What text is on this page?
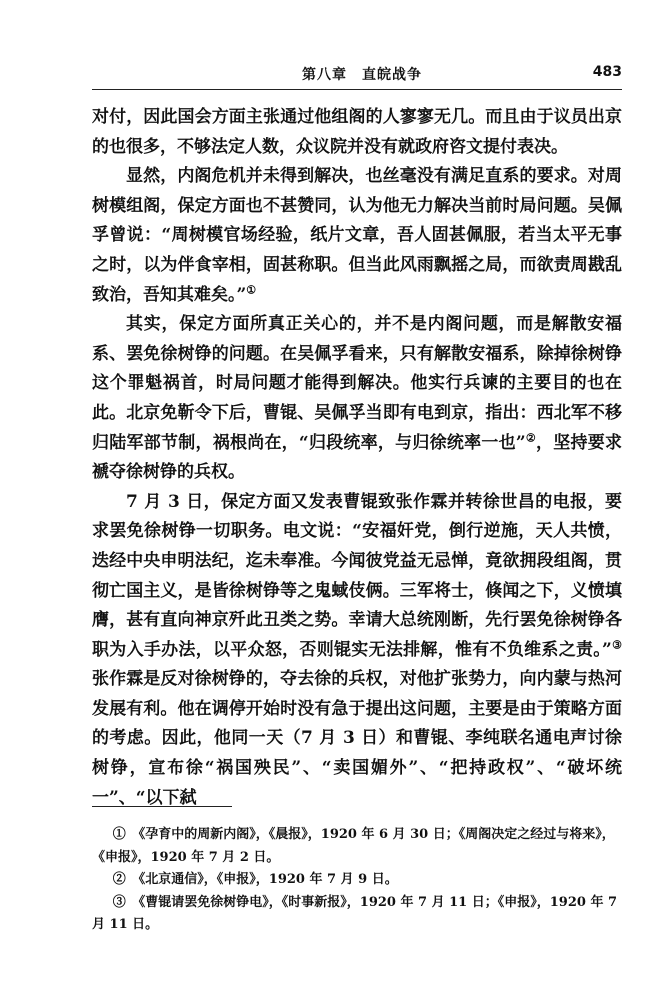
第八章　直皖战争	483

对付，因此国会方面主张通过他组阁的人寥寥无几。而且由于议员出京的也很多，不够法定人数，众议院并没有就政府咨文提付表决。

显然，内阁危机并未得到解决，也丝毫没有满足直系的要求。对周树模组阁，保定方面也不甚赞同，认为他无力解决当前时局问题。吴佩孚曾说：“周树模官场经验，纸片文章，吾人固甚佩服，若当太平无事之时，以为伴食宰相，固甚称职。但当此风雨飘摇之局，而欲责周戡乱致治，吾知其难矣。”①

其实，保定方面所真正关心的，并不是内阁问题，而是解散安福系、罢免徐树铮的问题。在吴佩孚看来，只有解散安福系，除掉徐树铮这个罪魁祸首，时局问题才能得到解决。他实行兵谏的主要目的也在此。北京免靳令下后，曹锟、吴佩孚当即有电到京，指出：西北军不移归陆军部节制，祸根尚在，“归段统率，与归徐统率一也”②，坚持要求褫夺徐树铮的兵权。

7 月 3 日，保定方面又发表曹锟致张作霖并转徐世昌的电报，要求罢免徐树铮一切职务。电文说：“安福奸党，倒行逆施，天人共愤，迭经中央申明法纪，迄未奉准。今闻彼党益无忌惮，竟欲拥段组阁，贯彻亡国主义，是皆徐树铮等之鬼蜮伎俩。三军将士，倏闻之下，义愤填膺，甚有直向神京歼此丑类之势。幸请大总统刚断，先行罢免徐树铮各职为入手办法，以平众怒，否则锟实无法排解，惟有不负维系之责。”③张作霖是反对徐树铮的，夺去徐的兵权，对他扩张势力，向内蒙与热河发展有利。他在调停开始时没有急于提出这问题，主要是由于策略方面的考虑。因此，他同一天（7 月 3 日）和曹锟、李纯联名通电声讨徐树铮，宣布徐“祸国殃民”、“卖国媚外”、“把持政权”、“破坏统一”、“以下弑

①　《孕育中的周新内阁》，《晨报》，1920 年 6 月 30 日；《周阁决定之经过与将来》，《申报》，1920 年 7 月 2 日。

②　《北京通信》，《申报》，1920 年 7 月 9 日。

③　《曹锟请罢免徐树铮电》，《时事新报》，1920 年 7 月 11 日；《申报》，1920 年 7 月 11 日。
